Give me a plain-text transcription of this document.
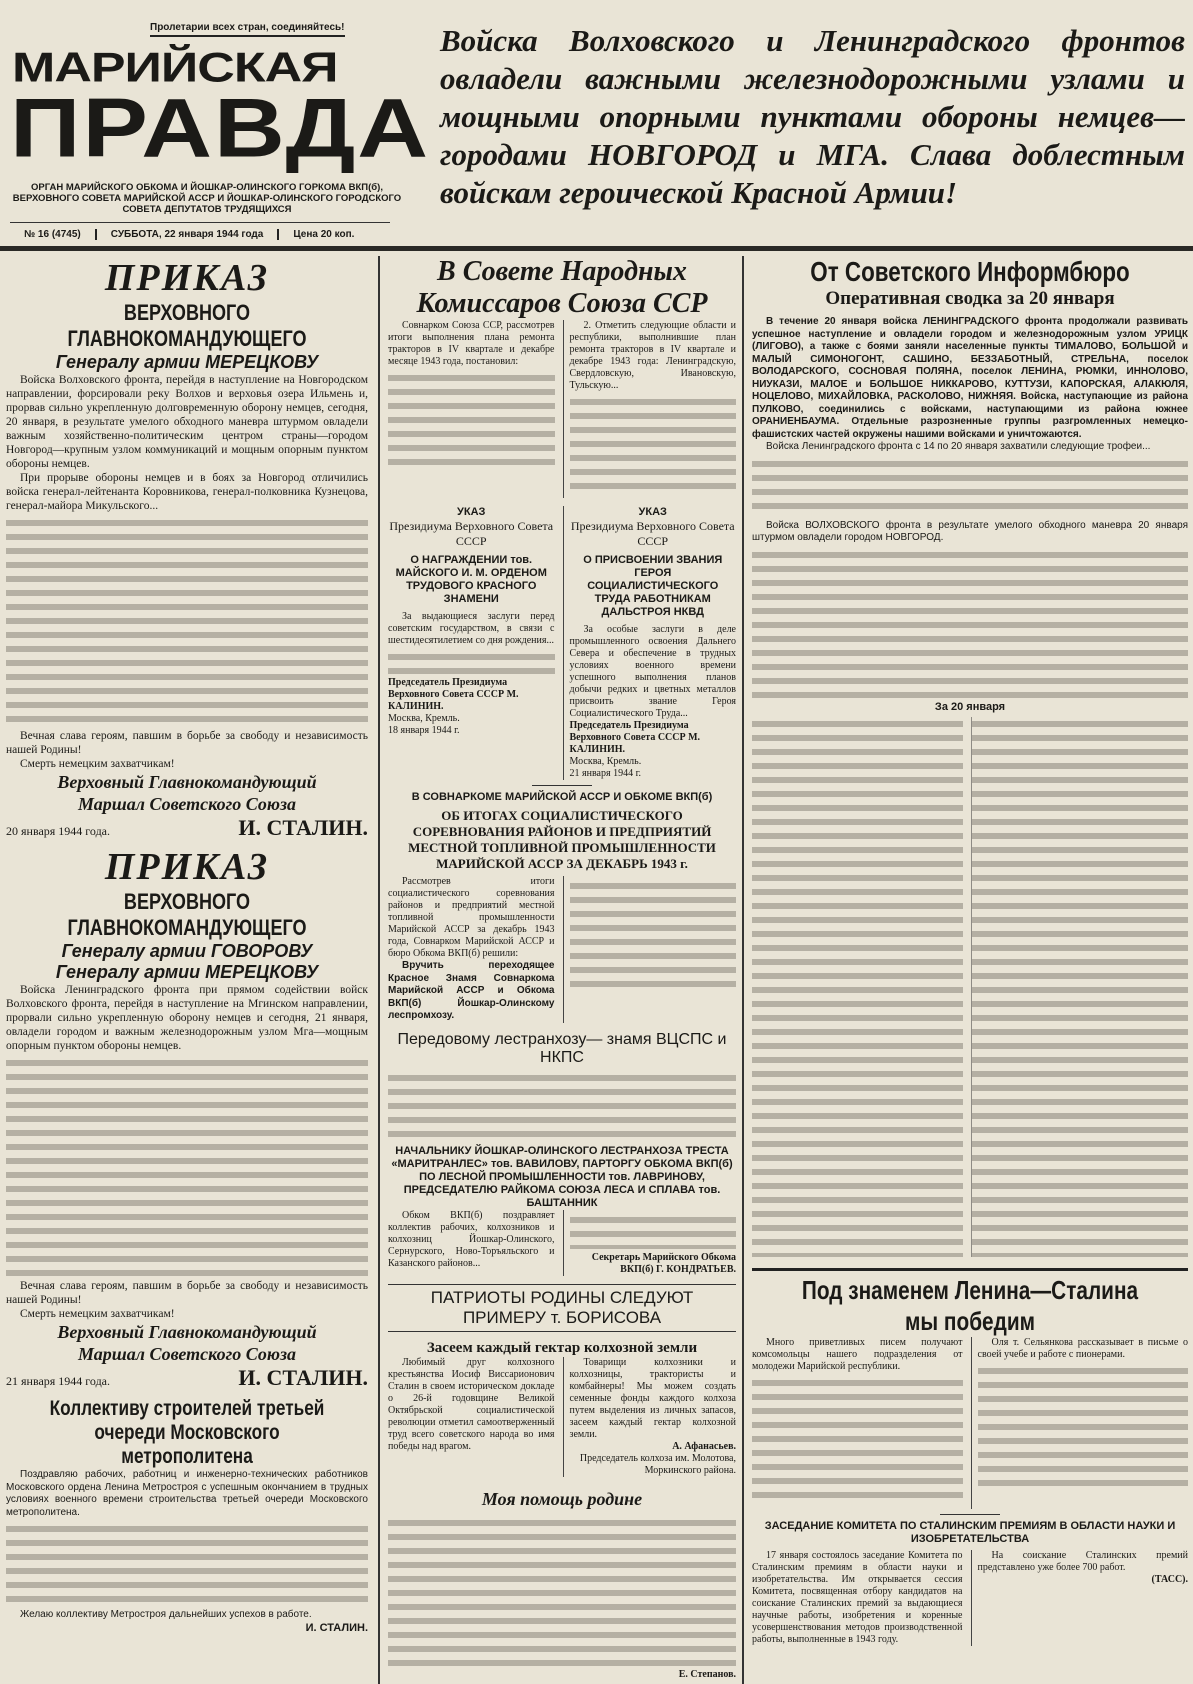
Пролетарии всех стран, соединяйтесь!
МАРИЙСКАЯ
ПРАВДА
ОРГАН МАРИЙСКОГО ОБКОМА И ЙОШКАР-ОЛИНСКОГО ГОРКОМА ВКП(б), ВЕРХОВНОГО СОВЕТА МАРИЙСКОЙ АССР И ЙОШКАР-ОЛИНСКОГО ГОРОДСКОГО СОВЕТА ДЕПУТАТОВ ТРУДЯЩИХСЯ
№ 16 (4745)	СУББОТА, 22 января 1944 года	Цена 20 коп.
Войска Волховского и Ленинградского фронтов овладели важными железнодорожными узлами и мощными опорными пунктами обороны немцев—городами НОВГОРОД и МГА. Слава доблестным войскам героической Красной Армии!
ПРИКАЗ
ВЕРХОВНОГО ГЛАВНОКОМАНДУЮЩЕГО
Генералу армии МЕРЕЦКОВУ

Войска Волховского фронта, перейдя в наступление на Новгородском направлении, форсировали реку Волхов и верховья озера Ильмень и, прорвав сильно укрепленную долговременную оборону немцев, сегодня, 20 января, в результате умелого обходного маневра штурмом овладели важным хозяйственно-политическим центром страны—городом Новгород—крупным узлом коммуникаций и мощным опорным пунктом обороны немцев.

При прорыве обороны немцев и в боях за Новгород отличились войска генерал-лейтенанта Коровникова, генерал-полковника Кузнецова, генерал-майора Микульского...

Вечная слава героям, павшим в борьбе за свободу и независимость нашей Родины!

Смерть немецким захватчикам!

Верховный Главнокомандующий
Маршал Советского Союза
20 января 1944 года.	И. СТАЛИН.
ПРИКАЗ
ВЕРХОВНОГО ГЛАВНОКОМАНДУЮЩЕГО
Генералу армии ГОВОРОВУ
Генералу армии МЕРЕЦКОВУ

Войска Ленинградского фронта при прямом содействии войск Волховского фронта, перейдя в наступление на Мгинском направлении, прорвали сильно укрепленную оборону немцев и сегодня, 21 января, овладели городом и важным железнодорожным узлом Мга—мощным опорным пунктом обороны немцев.

Вечная слава героям, павшим в борьбе за свободу и независимость нашей Родины!

Смерть немецким захватчикам!

Верховный Главнокомандующий
Маршал Советского Союза
21 января 1944 года.	И. СТАЛИН.
Коллективу строителей третьей очереди Московского метрополитена

Поздравляю рабочих, работниц и инженерно-технических работников Московского ордена Ленина Метростроя с успешным окончанием в трудных условиях военного времени строительства третьей очереди Московского метрополитена.

Желаю коллективу Метростроя дальнейших успехов в работе.

И. СТАЛИН.
В Совете Народных Комиссаров Союза ССР

Совнарком Союза ССР, рассмотрев итоги выполнения плана ремонта тракторов в IV квартале и декабре месяце 1943 года, постановил:

2. Отметить следующие области и республики, выполнившие план ремонта тракторов в IV квартале и декабре 1943 года: Ленинградскую, Свердловскую, Ивановскую, Тульскую...

УКАЗ
Президиума Верховного Совета СССР
О НАГРАЖДЕНИИ тов. МАЙСКОГО И. М. ОРДЕНОМ ТРУДОВОГО КРАСНОГО ЗНАМЕНИ

За выдающиеся заслуги перед советским государством, в связи с шестидесятилетием со дня рождения...

Председатель Президиума Верховного Совета СССР М. КАЛИНИН.
Москва, Кремль.
18 января 1944 г.
УКАЗ
Президиума Верховного Совета СССР
О ПРИСВОЕНИИ ЗВАНИЯ ГЕРОЯ СОЦИАЛИСТИЧЕСКОГО ТРУДА РАБОТНИКАМ ДАЛЬСТРОЯ НКВД

За особые заслуги в деле промышленного освоения Дальнего Севера и обеспечение в трудных условиях военного времени успешного выполнения планов добычи редких и цветных металлов присвоить звание Героя Социалистического Труда...

Председатель Президиума Верховного Совета СССР М. КАЛИНИН.
Москва, Кремль.
21 января 1944 г.
В СОВНАРКОМЕ МАРИЙСКОЙ АССР И ОБКОМЕ ВКП(б)
ОБ ИТОГАХ СОЦИАЛИСТИЧЕСКОГО СОРЕВНОВАНИЯ РАЙОНОВ И ПРЕДПРИЯТИЙ МЕСТНОЙ ТОПЛИВНОЙ ПРОМЫШЛЕННОСТИ МАРИЙСКОЙ АССР ЗА ДЕКАБРЬ 1943 г.

Рассмотрев итоги социалистического соревнования районов и предприятий местной топливной промышленности Марийской АССР за декабрь 1943 года, Совнарком Марийской АССР и бюро Обкома ВКП(б) решили:

Вручить переходящее Красное Знамя Совнаркома Марийской АССР и Обкома ВКП(б) Йошкар-Олинскому леспромхозу.

Передовому лестранхозу— знамя ВЦСПС и НКПС
НАЧАЛЬНИКУ ЙОШКАР-ОЛИНСКОГО ЛЕСТРАНХОЗА ТРЕСТА «МАРИТРАНЛЕС» тов. ВАВИЛОВУ, ПАРТОРГУ ОБКОМА ВКП(б) ПО ЛЕСНОЙ ПРОМЫШЛЕННОСТИ тов. ЛАВРИНОВУ, ПРЕДСЕДАТЕЛЮ РАЙКОМА СОЮЗА ЛЕСА И СПЛАВА тов. БАШТАННИК

Обком ВКП(б) поздравляет коллектив рабочих, колхозников и колхозниц Йошкар-Олинского, Сернурского, Ново-Торъяльского и Казанского районов...

Секретарь Марийского Обкома ВКП(б) Г. КОНДРАТЬЕВ.
ПАТРИОТЫ РОДИНЫ СЛЕДУЮТ ПРИМЕРУ т. БОРИСОВА
Засеем каждый гектар колхозной земли

Любимый друг колхозного крестьянства Иосиф Виссарионович Сталин в своем историческом докладе о 26-й годовщине Великой Октябрьской социалистической революции отметил самоотверженный труд всего советского народа во имя победы над врагом.

Товарищи колхозники и колхозницы, трактористы и комбайнеры! Мы можем создать семенные фонды каждого колхоза путем выделения из личных запасов, засеем каждый гектар колхозной земли.

А. Афанасьев.
Председатель колхоза им. Молотова, Моркинского района.
Моя помощь родине
Е. Степанов.
От Советского Информбюро
Оперативная сводка за 20 января

В течение 20 января войска ЛЕНИНГРАДСКОГО фронта продолжали развивать успешное наступление и овладели городом и железнодорожным узлом УРИЦК (ЛИГОВО), а также с боями заняли населенные пункты ТИМАЛОВО, БОЛЬШОЙ и МАЛЫЙ СИМОНОГОНТ, САШИНО, БЕЗЗАБОТНЫЙ, СТРЕЛЬНА, поселок ВОЛОДАРСКОГО, СОСНОВАЯ ПОЛЯНА, поселок ЛЕНИНА, РЮМКИ, ИННОЛОВО, НИУКАЗИ, МАЛОЕ и БОЛЬШОЕ НИККАРОВО, КУТТУЗИ, КАПОРСКАЯ, АЛАКЮЛЯ, НОЦЕЛОВО, МИХАЙЛОВКА, РАСКОЛОВО, НИЖНЯЯ. Войска, наступающие из района ПУЛКОВО, соединились с войсками, наступающими из района южнее ОРАНИЕНБАУМА. Отдельные разрозненные группы разгромленных немецко-фашистских частей окружены нашими войсками и уничтожаются.

Войска Ленинградского фронта с 14 по 20 января захватили следующие трофеи...

Войска ВОЛХОВСКОГО фронта в результате умелого обходного маневра 20 января штурмом овладели городом НОВГОРОД.

За 20 января
Под знаменем Ленина—Сталина мы победим

Много приветливых писем получают комсомольцы нашего подразделения от молодежи Марийской республики.

Оля т. Сельянкова рассказывает в письме о своей учебе и работе с пионерами.

ЗАСЕДАНИЕ КОМИТЕТА ПО СТАЛИНСКИМ ПРЕМИЯМ В ОБЛАСТИ НАУКИ И ИЗОБРЕТАТЕЛЬСТВА

17 января состоялось заседание Комитета по Сталинским премиям в области науки и изобретательства. Им открывается сессия Комитета, посвященная отбору кандидатов на соискание Сталинских премий за выдающиеся научные работы, изобретения и коренные усовершенствования методов производственной работы, выполненные в 1943 году.

На соискание Сталинских премий представлено уже более 700 работ.

(ТАСС).
